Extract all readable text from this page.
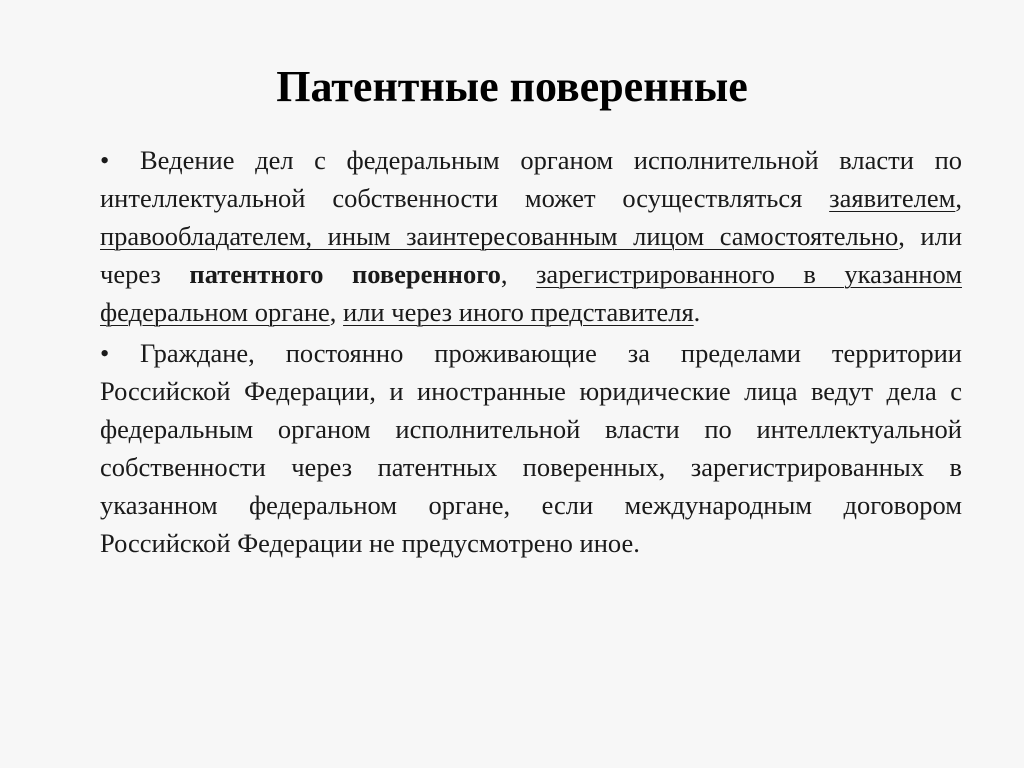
Патентные поверенные

• Ведение дел с федеральным органом исполнительной власти по интеллектуальной собственности может осуществляться заявителем, правообладателем, иным заинтересованным лицом самостоятельно, или через патентного поверенного, зарегистрированного в указанном федеральном органе, или через иного представителя.

• Граждане, постоянно проживающие за пределами территории Российской Федерации, и иностранные юридические лица ведут дела с федеральным органом исполнительной власти по интеллектуальной собственности через патентных поверенных, зарегистрированных в указанном федеральном органе, если международным договором Российской Федерации не предусмотрено иное.
